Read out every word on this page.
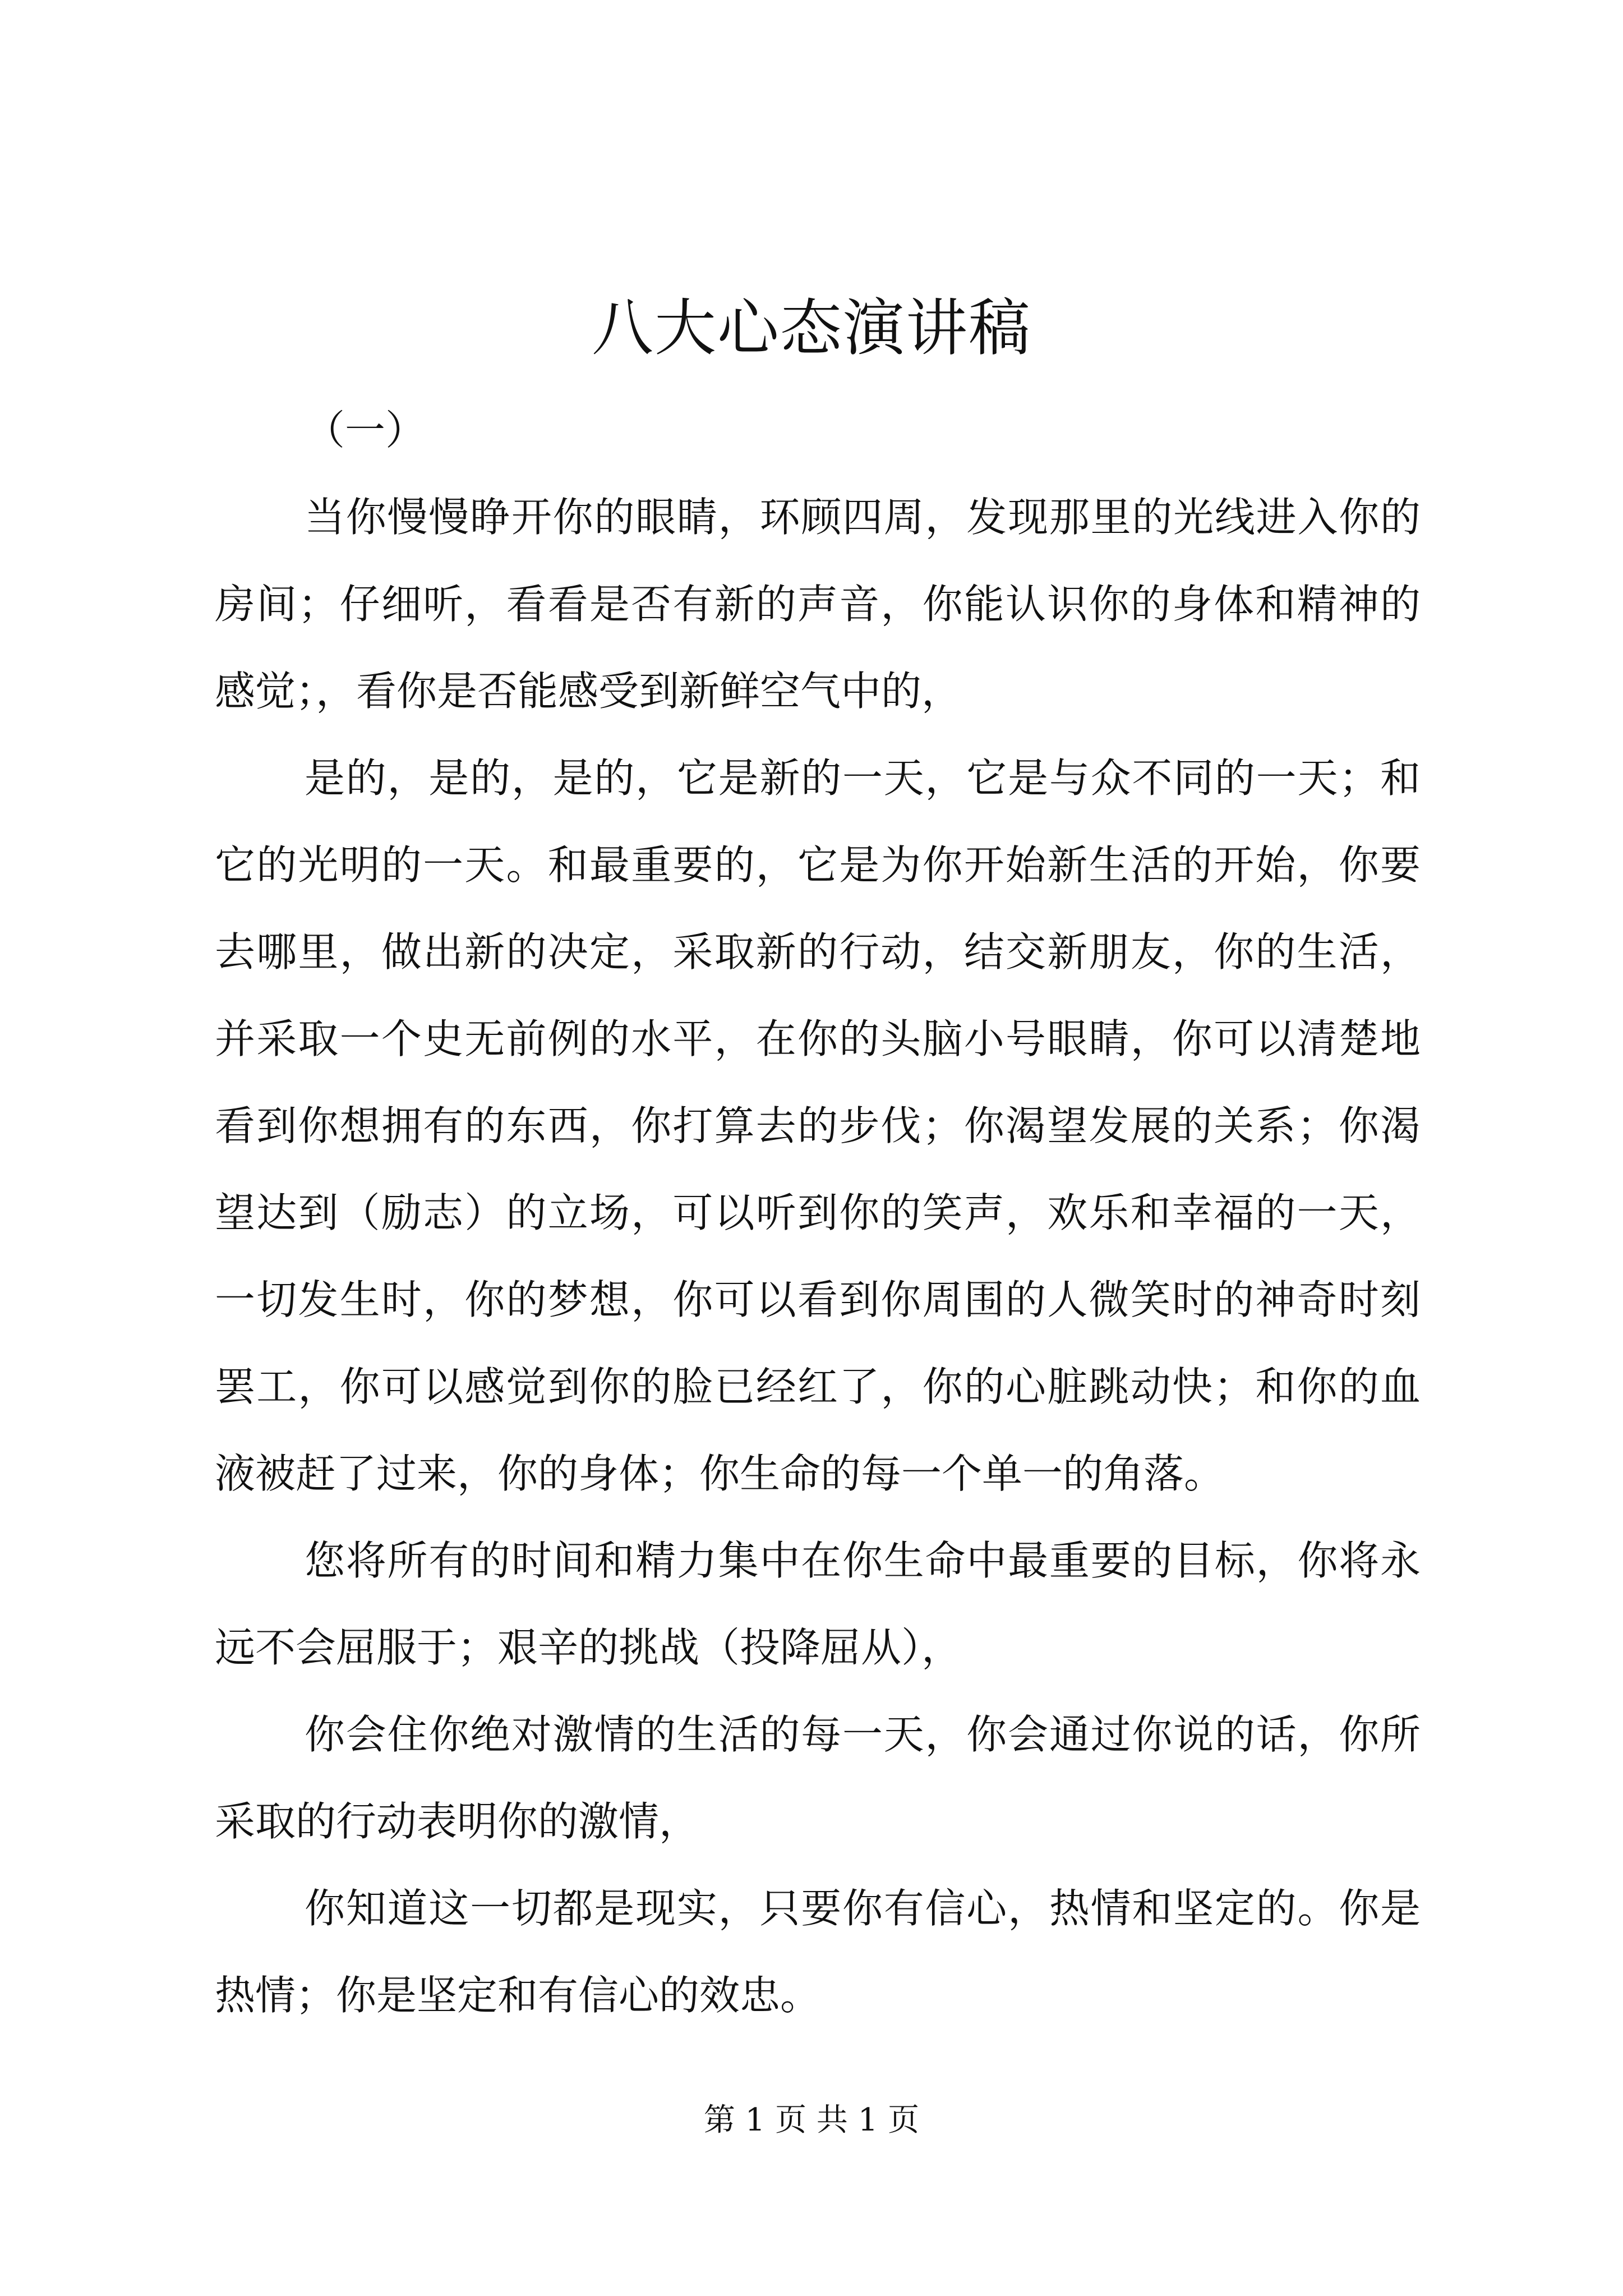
八大心态演讲稿

（一）

当你慢慢睁开你的眼睛，环顾四周，发现那里的光线进入你的房间；仔细听，看看是否有新的声音，你能认识你的身体和精神的感觉；，看你是否能感受到新鲜空气中的，

是的，是的，是的，它是新的一天，它是与众不同的一天；和它的光明的一天。和最重要的，它是为你开始新生活的开始，你要去哪里，做出新的决定，采取新的行动，结交新朋友，你的生活，并采取一个史无前例的水平，在你的头脑小号眼睛，你可以清楚地看到你想拥有的东西，你打算去的步伐；你渴望发展的关系；你渴望达到（励志）的立场，可以听到你的笑声，欢乐和幸福的一天，一切发生时，你的梦想，你可以看到你周围的人微笑时的神奇时刻罢工，你可以感觉到你的脸已经红了，你的心脏跳动快；和你的血液被赶了过来，你的身体；你生命的每一个单一的角落。

您将所有的时间和精力集中在你生命中最重要的目标，你将永远不会屈服于；艰辛的挑战（投降屈从），

你会住你绝对激情的生活的每一天，你会通过你说的话，你所采取的行动表明你的激情，

你知道这一切都是现实，只要你有信心，热情和坚定的。你是热情；你是坚定和有信心的效忠。

第 1 页 共 1 页
